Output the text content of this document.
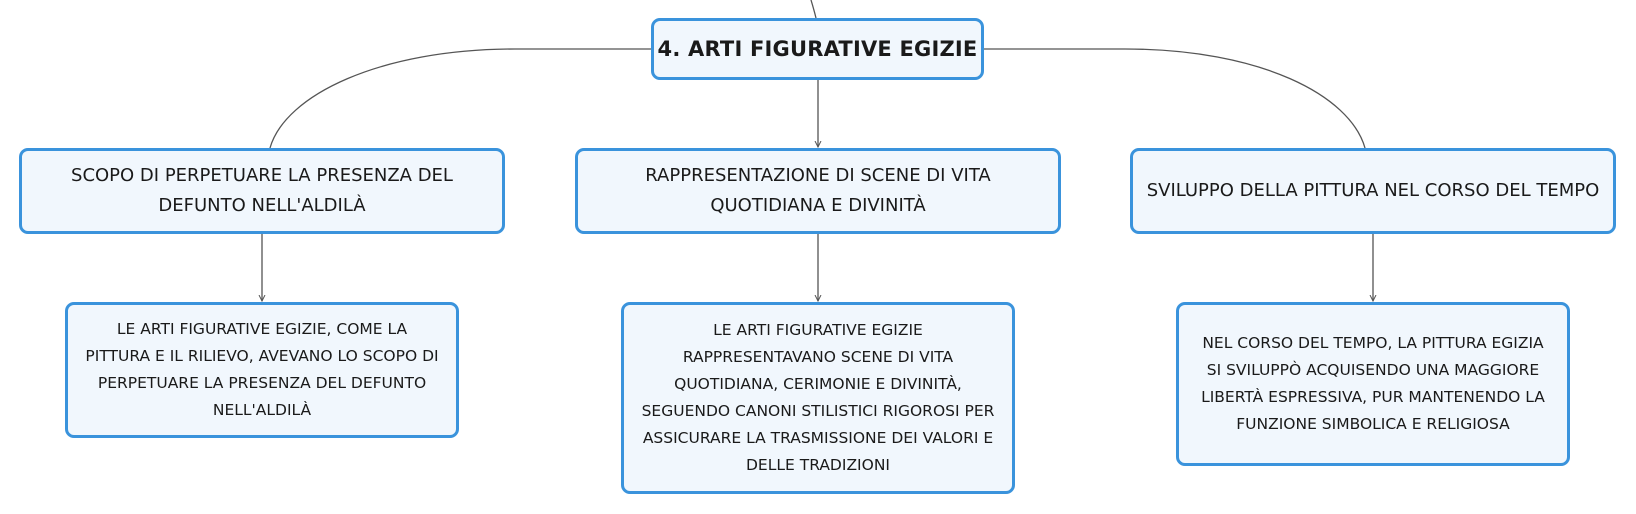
4. ARTI FIGURATIVE EGIZIE
SCOPO DI PERPETUARE LA PRESENZA DEL
DEFUNTO NELL'ALDILÀ
RAPPRESENTAZIONE DI SCENE DI VITA
QUOTIDIANA E DIVINITÀ
SVILUPPO DELLA PITTURA NEL CORSO DEL TEMPO
LE ARTI FIGURATIVE EGIZIE, COME LA
PITTURA E IL RILIEVO, AVEVANO LO SCOPO DI
PERPETUARE LA PRESENZA DEL DEFUNTO
NELL'ALDILÀ
LE ARTI FIGURATIVE EGIZIE
RAPPRESENTAVANO SCENE DI VITA
QUOTIDIANA, CERIMONIE E DIVINITÀ,
SEGUENDO CANONI STILISTICI RIGOROSI PER
ASSICURARE LA TRASMISSIONE DEI VALORI E
DELLE TRADIZIONI
NEL CORSO DEL TEMPO, LA PITTURA EGIZIA
SI SVILUPPÒ ACQUISENDO UNA MAGGIORE
LIBERTÀ ESPRESSIVA, PUR MANTENENDO LA
FUNZIONE SIMBOLICA E RELIGIOSA
